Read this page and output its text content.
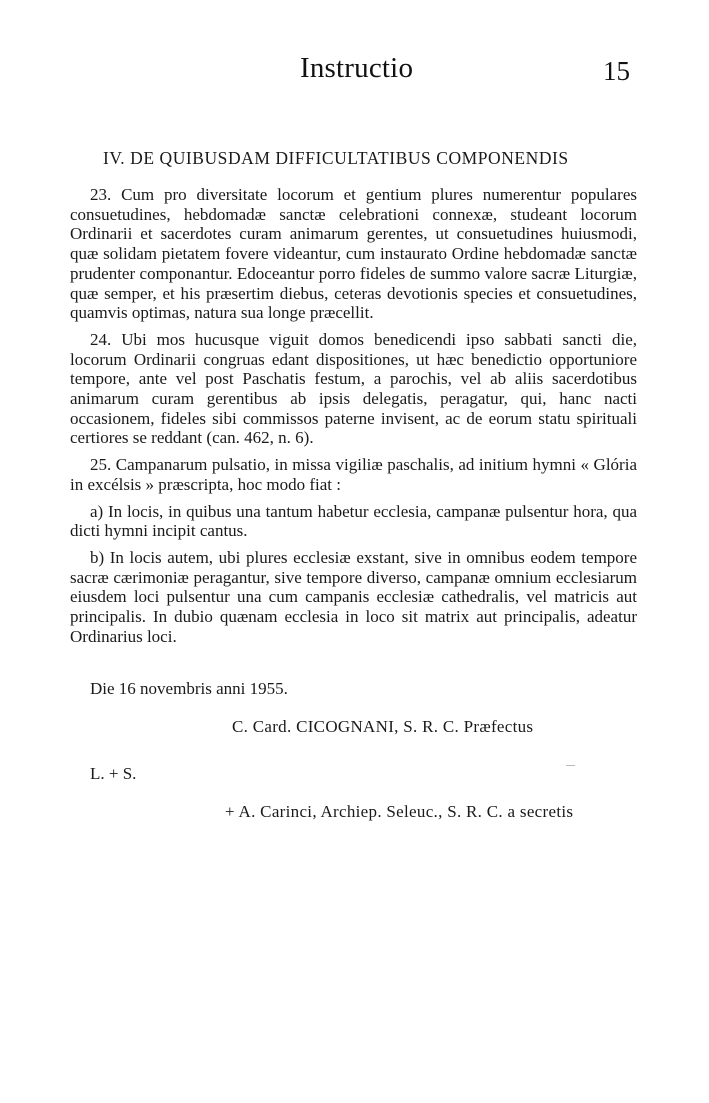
Instructio	15
IV. DE QUIBUSDAM DIFFICULTATIBUS COMPONENDIS

23. Cum pro diversitate locorum et gentium plures numerentur populares consuetudines, hebdomadæ sanctæ celebrationi connexæ, studeant locorum Ordinarii et sacerdotes curam animarum gerentes, ut consuetudines huiusmodi, quæ solidam pietatem fovere videantur, cum instaurato Ordine hebdomadæ sanctæ prudenter componantur. Edoceantur porro fideles de summo valore sacræ Liturgiæ, quæ semper, et his præsertim diebus, ceteras devotionis species et consuetudines, quamvis optimas, natura sua longe præcellit.

24. Ubi mos hucusque viguit domos benedicendi ipso sabbati sancti die, locorum Ordinarii congruas edant dispositiones, ut hæc benedictio opportuniore tempore, ante vel post Paschatis festum, a parochis, vel ab aliis sacerdotibus animarum curam gerentibus ab ipsis delegatis, peragatur, qui, hanc nacti occasionem, fideles sibi commissos paterne invisent, ac de eorum statu spirituali certiores se reddant (can. 462, n. 6).

25. Campanarum pulsatio, in missa vigiliæ paschalis, ad initium hymni « Glória in excélsis » præscripta, hoc modo fiat :

a) In locis, in quibus una tantum habetur ecclesia, campanæ pulsentur hora, qua dicti hymni incipit cantus.

b) In locis autem, ubi plures ecclesiæ exstant, sive in omnibus eodem tempore sacræ cærimoniæ peragantur, sive tempore diverso, campanæ omnium ecclesiarum eiusdem loci pulsentur una cum campanis ecclesiæ cathedralis, vel matricis aut principalis. In dubio quænam ecclesia in loco sit matrix aut principalis, adeatur Ordinarius loci.

Die 16 novembris anni 1955.
C. Card. CICOGNANI, S. R. C. Præfectus
L. + S.
+ A. Carinci, Archiep. Seleuc., S. R. C. a secretis
